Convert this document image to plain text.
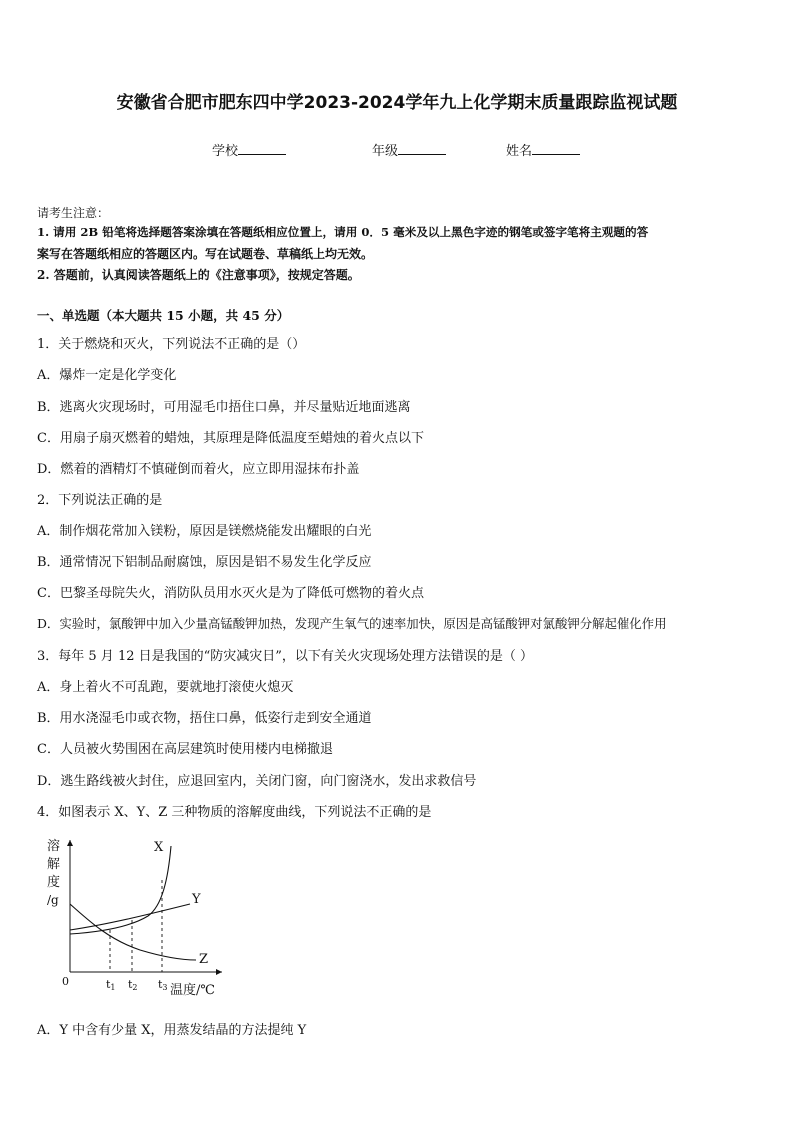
安徽省合肥市肥东四中学2023-2024学年九上化学期末质量跟踪监视试题
学校	年级	姓名
请考生注意：
1. 请用 2B 铅笔将选择题答案涂填在答题纸相应位置上，请用 0．5 毫米及以上黑色字迹的钢笔或签字笔将主观题的答
案写在答题纸相应的答题区内。写在试题卷、草稿纸上均无效。
2. 答题前，认真阅读答题纸上的《注意事项》，按规定答题。
一、单选题（本大题共 15 小题，共 45 分）
1．关于燃烧和灭火，下列说法不正确的是（）
A．爆炸一定是化学变化
B．逃离火灾现场时，可用湿毛巾捂住口鼻，并尽量贴近地面逃离
C．用扇子扇灭燃着的蜡烛，其原理是降低温度至蜡烛的着火点以下
D．燃着的酒精灯不慎碰倒而着火，应立即用湿抹布扑盖
2．下列说法正确的是
A．制作烟花常加入镁粉，原因是镁燃烧能发出耀眼的白光
B．通常情况下铝制品耐腐蚀，原因是铝不易发生化学反应
C．巴黎圣母院失火，消防队员用水灭火是为了降低可燃物的着火点
D．实验时，氯酸钾中加入少量高锰酸钾加热，发现产生氧气的速率加快，原因是高锰酸钾对氯酸钾分解起催化作用
3．每年 5 月 12 日是我国的“防灾减灾日”，以下有关火灾现场处理方法错误的是（ ）
A．身上着火不可乱跑，要就地打滚使火熄灭
B．用水浇湿毛巾或衣物，捂住口鼻，低姿行走到安全通道
C．人员被火势围困在高层建筑时使用楼内电梯撤退
D．逃生路线被火封住，应退回室内，关闭门窗，向门窗浇水，发出求救信号
4．如图表示 X、Y、Z 三种物质的溶解度曲线，下列说法不正确的是
溶
解
度
/g
0
X
Y
Z
t1 t2 t3 温度/℃
A．Y 中含有少量 X，用蒸发结晶的方法提纯 Y
